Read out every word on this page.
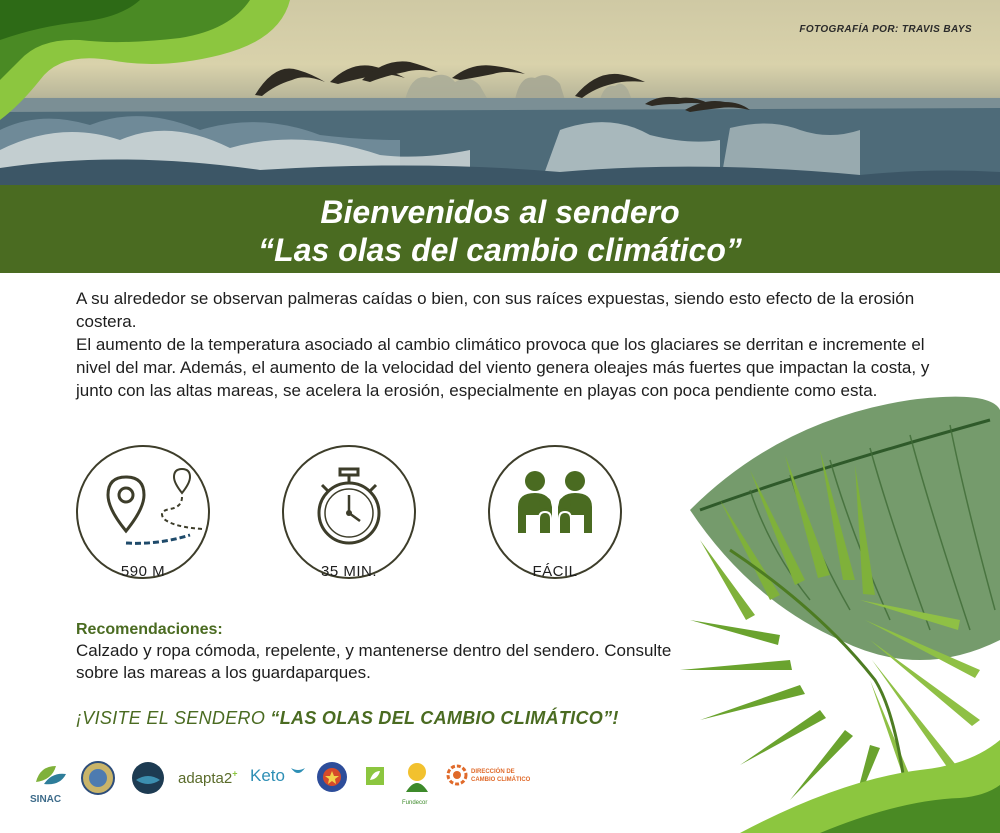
FOTOGRAFÍA POR: TRAVIS BAYS
Bienvenidos al sendero
“Las olas del cambio climático”

A su alrededor se observan palmeras caídas o bien, con sus raíces expuestas, siendo esto efecto de la erosión costera.

El aumento de la temperatura asociado al cambio climático provoca que los glaciares se derritan e incremente el nivel del mar. Además, el aumento de la velocidad del viento genera oleajes más fuertes que impactan la costa, y junto con las altas mareas, se acelera la erosión, especialmente en playas con poca pendiente como esta.

590 M	35 MIN.	FÁCIL
Recomendaciones:
Calzado y ropa cómoda, repelente, y mantenerse dentro del sendero. Consulte sobre las mareas a los guardaparques.
¡VISITE EL SENDERO “LAS OLAS DEL CAMBIO CLIMÁTICO”!
SINAC
adapta2+ Keto
Fundecor
DIRECCIÓN DE
CAMBIO CLIMÁTICO
